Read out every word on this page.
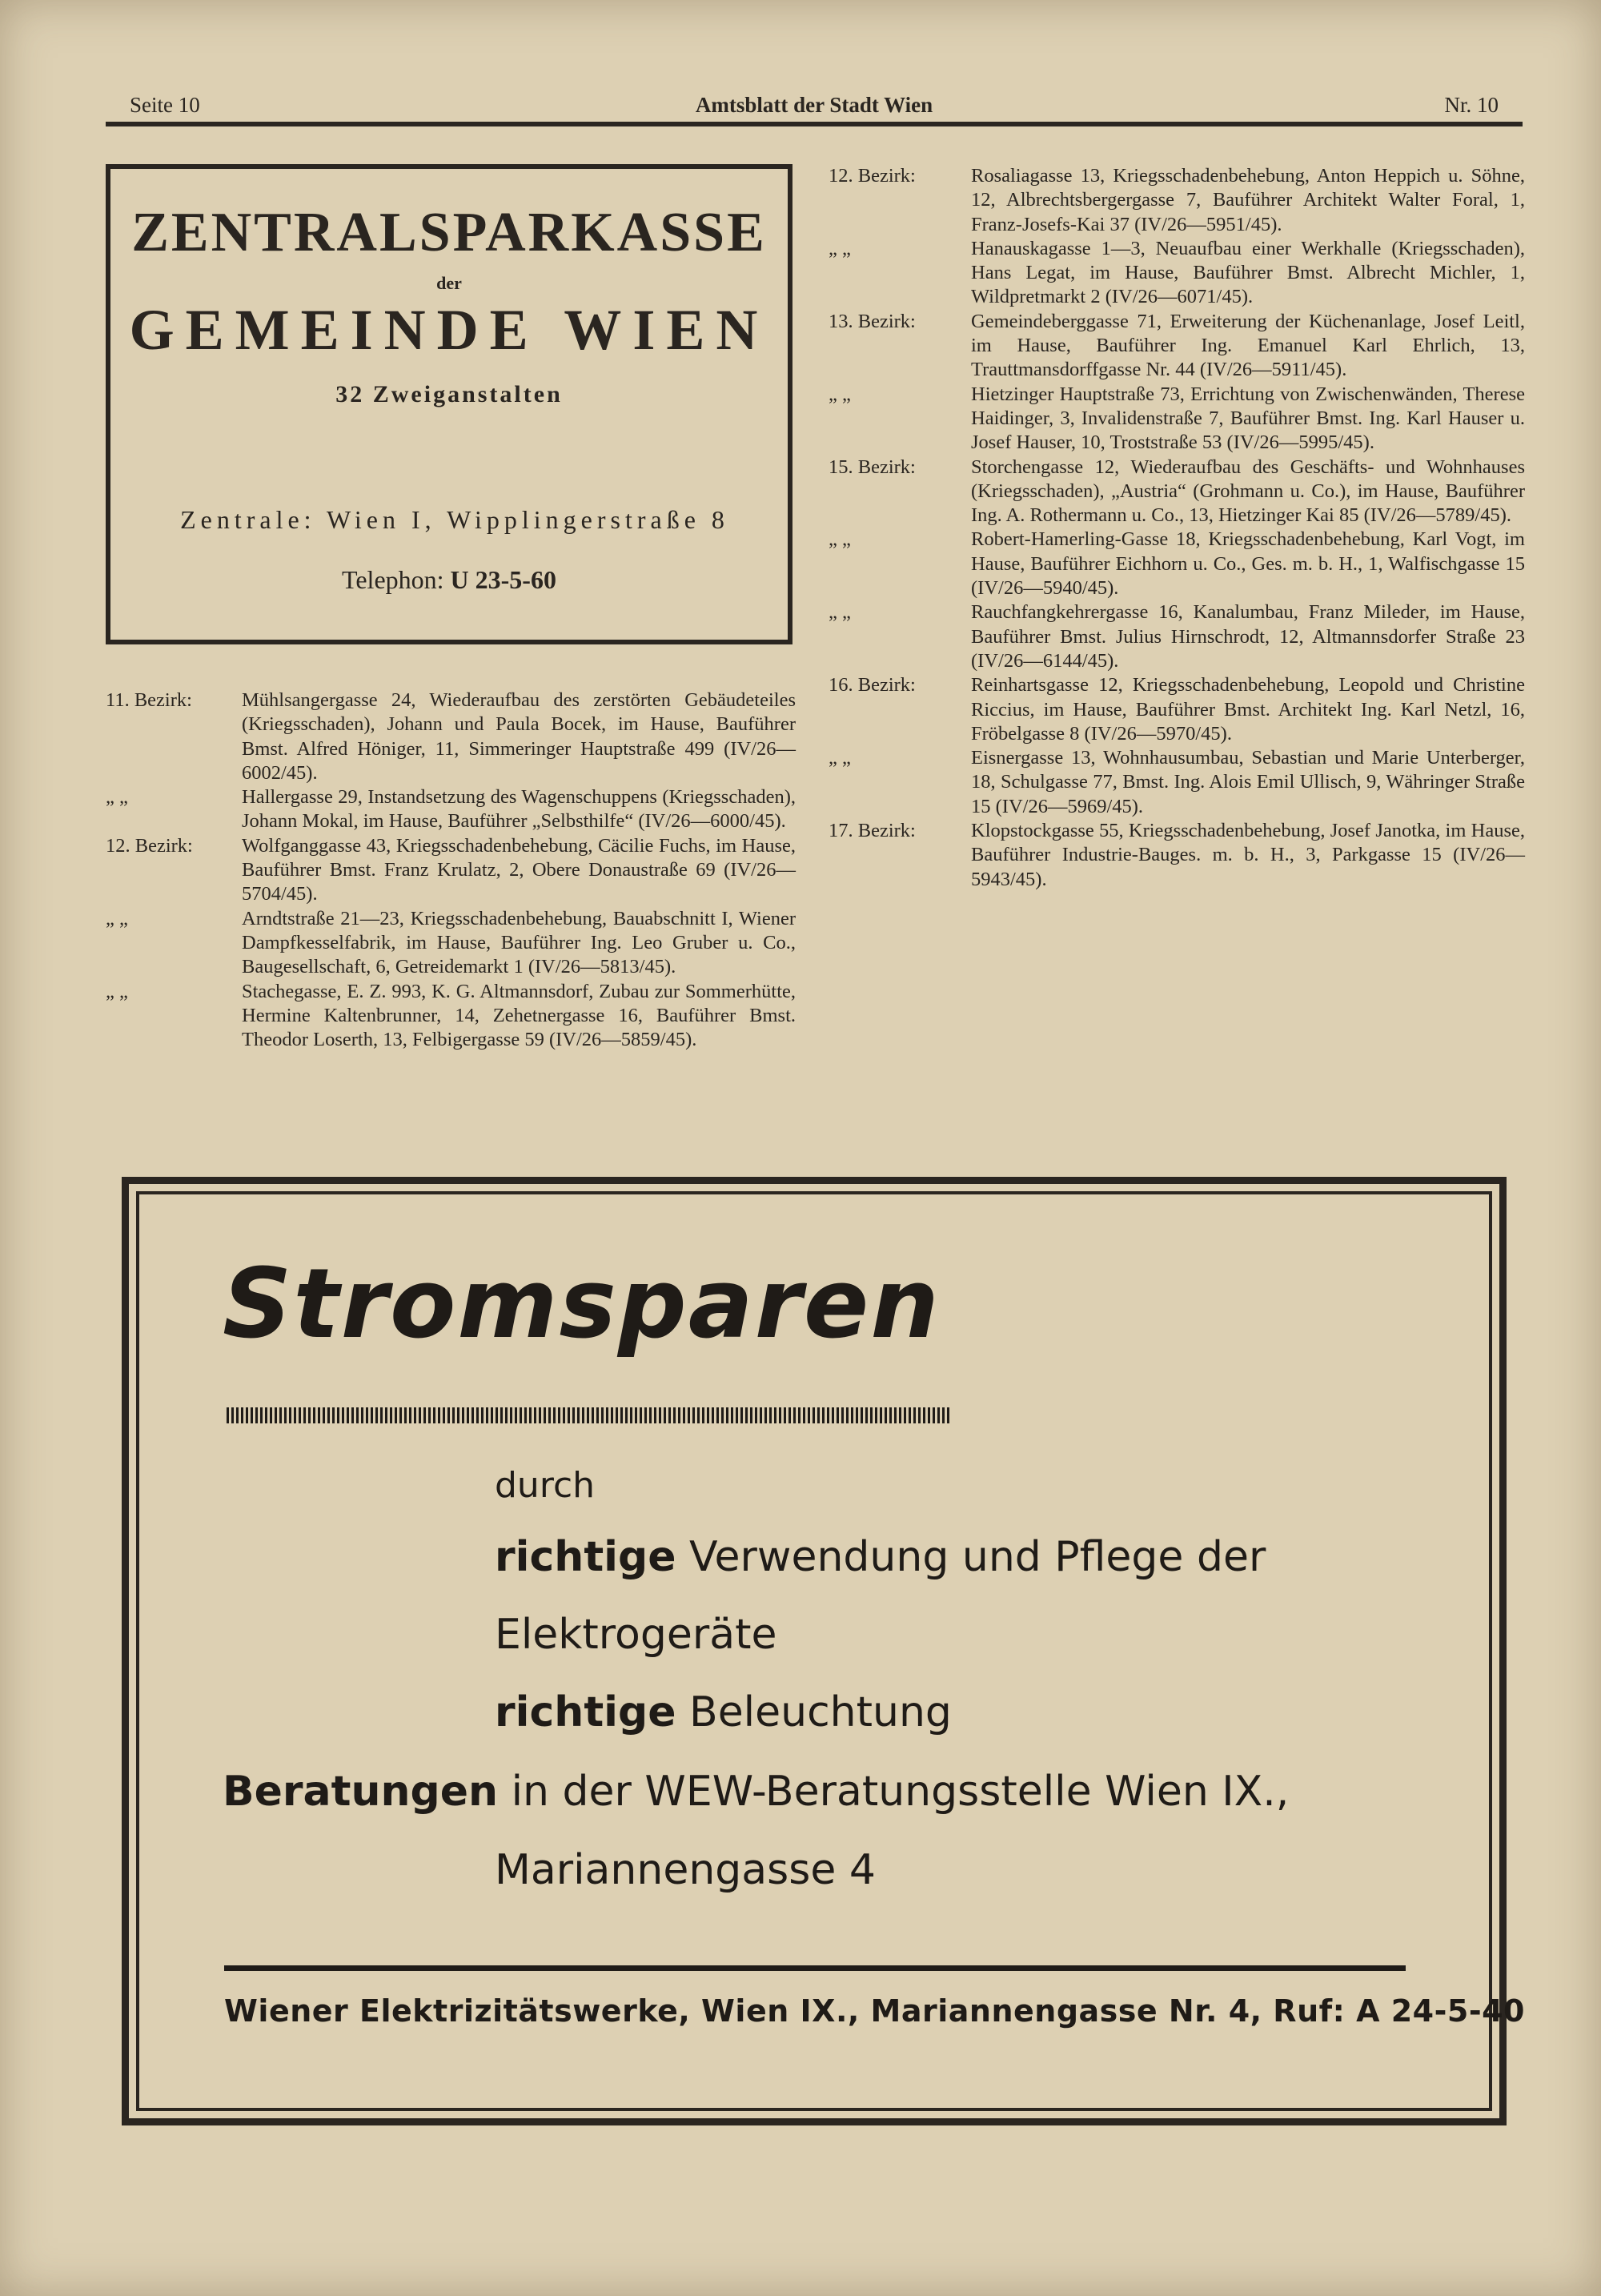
Seite 10	Amtsblatt der Stadt Wien	Nr. 10
ZENTRALSPARKASSE
der
GEMEINDE WIEN
32 Zweiganstalten
Zentrale: Wien I, Wipplingerstraße 8
Telephon: U 23-5-60
11. Bezirk:	Mühlsangergasse 24, Wiederaufbau des zerstörten Gebäudeteiles (Kriegsschaden), Johann und Paula Bocek, im Hause, Bauführer Bmst. Alfred Höniger, 11, Simmeringer Hauptstraße 499 (IV/26—6002/45).
„ „	Hallergasse 29, Instandsetzung des Wagenschuppens (Kriegsschaden), Johann Mokal, im Hause, Bauführer „Selbsthilfe“ (IV/26—6000/45).
12. Bezirk:	Wolfganggasse 43, Kriegsschadenbehebung, Cäcilie Fuchs, im Hause, Bauführer Bmst. Franz Krulatz, 2, Obere Donaustraße 69 (IV/26—5704/45).
„ „	Arndtstraße 21—23, Kriegsschadenbehebung, Bauabschnitt I, Wiener Dampfkesselfabrik, im Hause, Bauführer Ing. Leo Gruber u. Co., Baugesellschaft, 6, Getreidemarkt 1 (IV/26—5813/45).
„ „	Stachegasse, E. Z. 993, K. G. Altmannsdorf, Zubau zur Sommerhütte, Hermine Kaltenbrunner, 14, Zehetnergasse 16, Bauführer Bmst. Theodor Loserth, 13, Felbigergasse 59 (IV/26—5859/45).
12. Bezirk:	Rosaliagasse 13, Kriegsschadenbehebung, Anton Heppich u. Söhne, 12, Albrechtsbergergasse 7, Bauführer Architekt Walter Foral, 1, Franz-Josefs-Kai 37 (IV/26—5951/45).
„ „	Hanauskagasse 1—3, Neuaufbau einer Werkhalle (Kriegsschaden), Hans Legat, im Hause, Bauführer Bmst. Albrecht Michler, 1, Wildpretmarkt 2 (IV/26—6071/45).
13. Bezirk:	Gemeindeberggasse 71, Erweiterung der Küchenanlage, Josef Leitl, im Hause, Bauführer Ing. Emanuel Karl Ehrlich, 13, Trauttmansdorffgasse Nr. 44 (IV/26—5911/45).
„ „	Hietzinger Hauptstraße 73, Errichtung von Zwischenwänden, Therese Haidinger, 3, Invalidenstraße 7, Bauführer Bmst. Ing. Karl Hauser u. Josef Hauser, 10, Troststraße 53 (IV/26—5995/45).
15. Bezirk:	Storchengasse 12, Wiederaufbau des Geschäfts- und Wohnhauses (Kriegsschaden), „Austria“ (Grohmann u. Co.), im Hause, Bauführer Ing. A. Rothermann u. Co., 13, Hietzinger Kai 85 (IV/26—5789/45).
„ „	Robert-Hamerling-Gasse 18, Kriegsschadenbehebung, Karl Vogt, im Hause, Bauführer Eichhorn u. Co., Ges. m. b. H., 1, Walfischgasse 15 (IV/26—5940/45).
„ „	Rauchfangkehrergasse 16, Kanalumbau, Franz Mileder, im Hause, Bauführer Bmst. Julius Hirnschrodt, 12, Altmannsdorfer Straße 23 (IV/26—6144/45).
16. Bezirk:	Reinhartsgasse 12, Kriegsschadenbehebung, Leopold und Christine Riccius, im Hause, Bauführer Bmst. Architekt Ing. Karl Netzl, 16, Fröbelgasse 8 (IV/26—5970/45).
„ „	Eisnergasse 13, Wohnhausumbau, Sebastian und Marie Unterberger, 18, Schulgasse 77, Bmst. Ing. Alois Emil Ullisch, 9, Währinger Straße 15 (IV/26—5969/45).
17. Bezirk:	Klopstockgasse 55, Kriegsschadenbehebung, Josef Janotka, im Hause, Bauführer Industrie-Bauges. m. b. H., 3, Parkgasse 15 (IV/26—5943/45).
Stromsparen
durch
richtige Verwendung und Pflege der
Elektrogeräte
richtige Beleuchtung
Beratungen in der WEW-Beratungsstelle Wien IX.,
Mariannengasse 4
Wiener Elektrizitätswerke, Wien IX., Mariannengasse Nr. 4, Ruf: A 24-5-40
